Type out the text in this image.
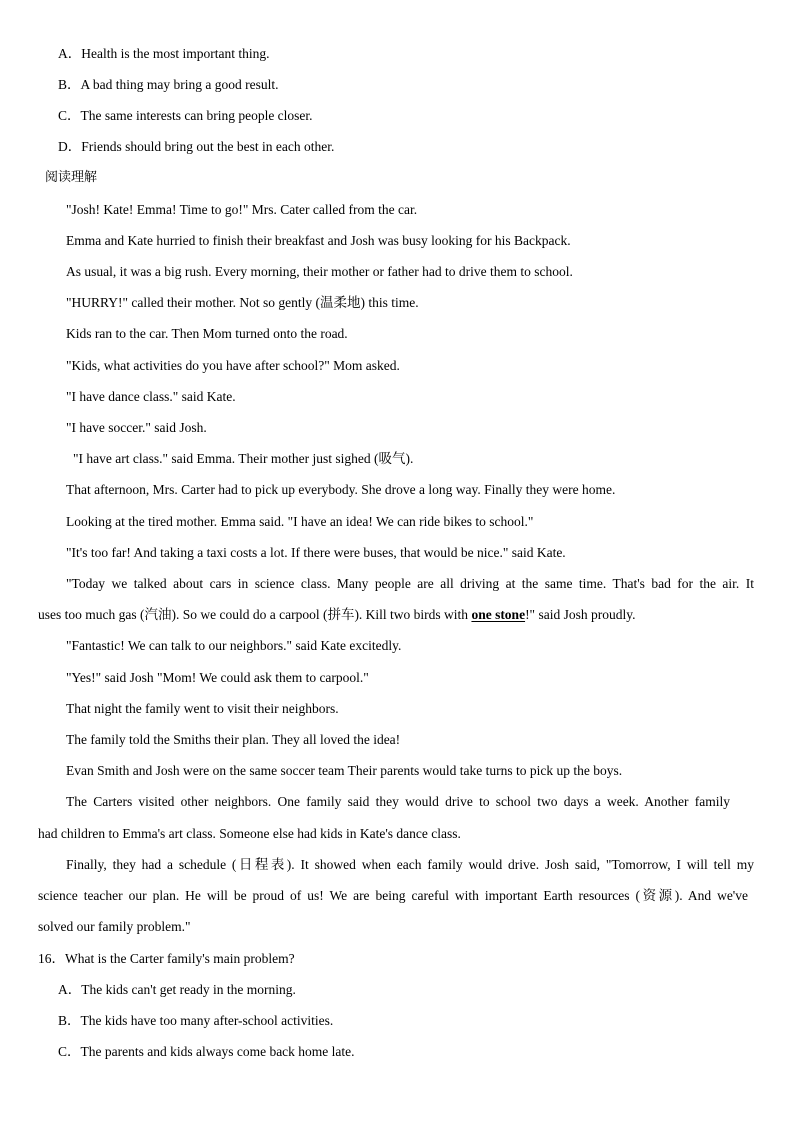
A．Health is the most important thing.
B．A bad thing may bring a good result.
C．The same interests can bring people closer.
D．Friends should bring out the best in each other.
阅读理解
"Josh! Kate! Emma! Time to go!" Mrs. Cater called from the car.
Emma and Kate hurried to finish their breakfast and Josh was busy looking for his Backpack.
As usual, it was a big rush. Every morning, their mother or father had to drive them to school.
"HURRY!" called their mother. Not so gently (温柔地) this time.
Kids ran to the car. Then Mom turned onto the road.
"Kids, what activities do you have after school?" Mom asked.
"I have dance class." said Kate.
"I have soccer." said Josh.
"I have art class." said Emma. Their mother just sighed (吸气).
That afternoon, Mrs. Carter had to pick up everybody. She drove a long way. Finally they were home.
Looking at the tired mother. Emma said. "I have an idea! We can ride bikes to school."
"It's too far! And taking a taxi costs a lot. If there were buses, that would be nice." said Kate.
"Today we talked about cars in science class. Many people are all driving at the same time. That's bad for the air. It
uses too much gas (汽油). So we could do a carpool (拼车). Kill two birds with one stone!" said Josh proudly.
"Fantastic! We can talk to our neighbors." said Kate excitedly.
"Yes!" said Josh "Mom! We could ask them to carpool."
That night the family went to visit their neighbors.
The family told the Smiths their plan. They all loved the idea!
Evan Smith and Josh were on the same soccer team Their parents would take turns to pick up the boys.
The Carters visited other neighbors. One family said they would drive to school two days a week. Another family
had children to Emma's art class. Someone else had kids in Kate's dance class.
Finally, they had a schedule (日程表). It showed when each family would drive. Josh said, "Tomorrow, I will tell my
science teacher our plan. He will be proud of us! We are being careful with important Earth resources (资源). And we've
solved our family problem."
16．What is the Carter family's main problem?
A．The kids can't get ready in the morning.
B．The kids have too many after-school activities.
C．The parents and kids always come back home late.
